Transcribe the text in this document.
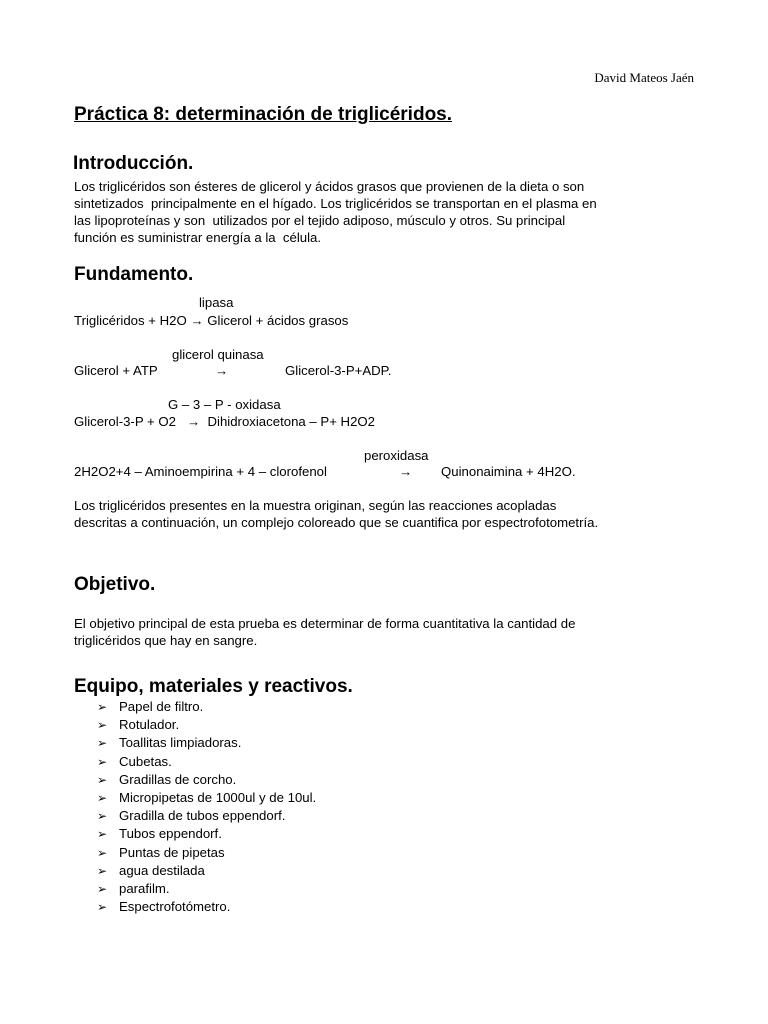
David Mateos Jaén
Práctica 8: determinación de triglicéridos.
Introducción.
Los triglicéridos son ésteres de glicerol y ácidos grasos que provienen de la dieta o son
sintetizados  principalmente en el hígado. Los triglicéridos se transportan en el plasma en
las lipoproteínas y son  utilizados por el tejido adiposo, músculo y otros. Su principal
función es suministrar energía a la  célula.
Fundamento.
lipasa
Triglicéridos + H2O → Glicerol + ácidos grasos
glicerol quinasa
Glicerol + ATP	→	Glicerol-3-P+ADP.
G – 3 – P - oxidasa
Glicerol-3-P + O2   →  Dihidroxiacetona – P+ H2O2
peroxidasa
2H2O2+4 – Aminoempirina + 4 – clorofenol	→ Quinonaimina + 4H2O.
Los triglicéridos presentes en la muestra originan, según las reacciones acopladas
descritas a continuación, un complejo coloreado que se cuantifica por espectrofotometría.
Objetivo.
El objetivo principal de esta prueba es determinar de forma cuantitativa la cantidad de
triglicéridos que hay en sangre.
Equipo, materiales y reactivos.
➢ Papel de filtro.
➢ Rotulador.
➢ Toallitas limpiadoras.
➢ Cubetas.
➢ Gradillas de corcho.
➢ Micropipetas de 1000ul y de 10ul.
➢ Gradilla de tubos eppendorf.
➢ Tubos eppendorf.
➢ Puntas de pipetas
➢ agua destilada
➢ parafilm.
➢ Espectrofotómetro.
